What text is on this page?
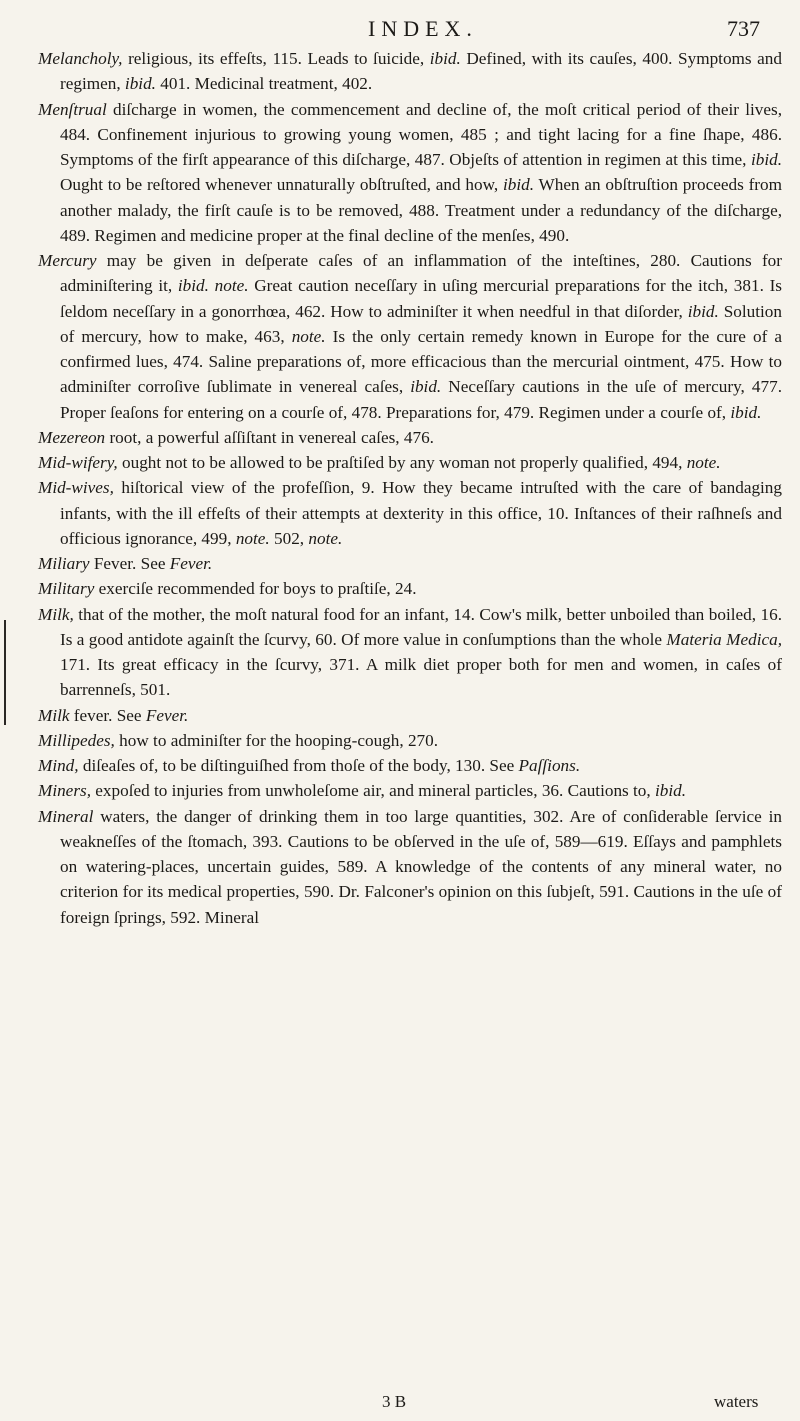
INDEX.	737

Melancholy, religious, its effeſts, 115. Leads to ſuicide, ibid. Defined, with its cauſes, 400. Symptoms and regimen, ibid. 401. Medicinal treatment, 402.

Menſtrual diſcharge in women, the commencement and decline of, the moſt critical period of their lives, 484. Confinement injurious to growing young women, 485 ; and tight lacing for a fine ſhape, 486. Symptoms of the firſt appearance of this diſcharge, 487. Objeſts of attention in regimen at this time, ibid. Ought to be reſtored whenever unnaturally obſtruſted, and how, ibid. When an obſtruſtion proceeds from another malady, the firſt cauſe is to be removed, 488. Treatment under a redundancy of the diſcharge, 489. Regimen and medicine proper at the final decline of the menſes, 490.

Mercury may be given in deſperate caſes of an inflammation of the inteſtines, 280. Cautions for adminiſtering it, ibid. note. Great caution neceſſary in uſing mercurial preparations for the itch, 381. Is ſeldom neceſſary in a gonorrhœa, 462. How to adminiſter it when needful in that diſorder, ibid. Solution of mercury, how to make, 463, note. Is the only certain remedy known in Europe for the cure of a confirmed lues, 474. Saline preparations of, more efficacious than the mercurial ointment, 475. How to adminiſter corroſive ſublimate in venereal caſes, ibid. Neceſſary cautions in the uſe of mercury, 477. Proper ſeaſons for entering on a courſe of, 478. Preparations for, 479. Regimen under a courſe of, ibid.

Mezereon root, a powerful aſſiſtant in venereal caſes, 476.

Mid-wifery, ought not to be allowed to be praſtiſed by any woman not properly qualified, 494, note.

Mid-wives, hiſtorical view of the profeſſion, 9. How they became intruſted with the care of bandaging infants, with the ill effeſts of their attempts at dexterity in this office, 10. Inſtances of their raſhneſs and officious ignorance, 499, note. 502, note.

Miliary Fever. See Fever.

Military exerciſe recommended for boys to praſtiſe, 24.

Milk, that of the mother, the moſt natural food for an infant, 14. Cow's milk, better unboiled than boiled, 16. Is a good antidote againſt the ſcurvy, 60. Of more value in conſumptions than the whole Materia Medica, 171. Its great efficacy in the ſcurvy, 371. A milk diet proper both for men and women, in caſes of barrenneſs, 501.

Milk fever. See Fever.

Millipedes, how to adminiſter for the hooping-cough, 270.

Mind, diſeaſes of, to be diſtinguiſhed from thoſe of the body, 130. See Paſſions.

Miners, expoſed to injuries from unwholeſome air, and mineral particles, 36. Cautions to, ibid.

Mineral waters, the danger of drinking them in too large quantities, 302. Are of conſiderable ſervice in weakneſſes of the ſtomach, 393. Cautions to be obſerved in the uſe of, 589—619. Eſſays and pamphlets on watering-places, uncertain guides, 589. A knowledge of the contents of any mineral water, no criterion for its medical properties, 590. Dr. Falconer's opinion on this ſubjeſt, 591. Cautions in the uſe of foreign ſprings, 592. Mineral

3 B	waters
